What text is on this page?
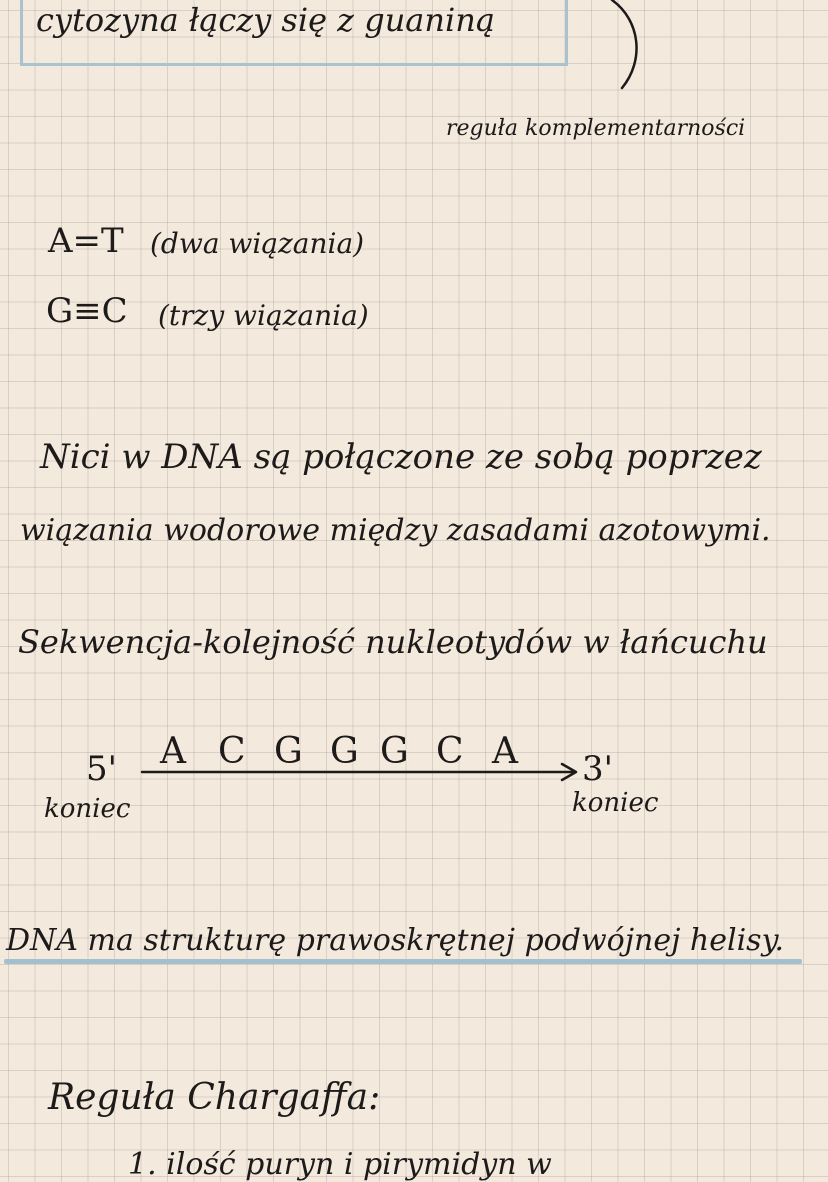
cytozyna łączy się z guaniną
reguła komplementarności
A=T (dwa wiązania)
G≡C (trzy wiązania)
Nici w DNA są połączone ze sobą poprzez
wiązania wodorowe między zasadami azotowymi.
Sekwencja-kolejność nukleotydów w łańcuchu
5'
koniec
A C G G G C A 3'
koniec
DNA ma strukturę prawoskrętnej podwójnej helisy.
Reguła Chargaffa:
1. ilość puryn i pirymidyn w
